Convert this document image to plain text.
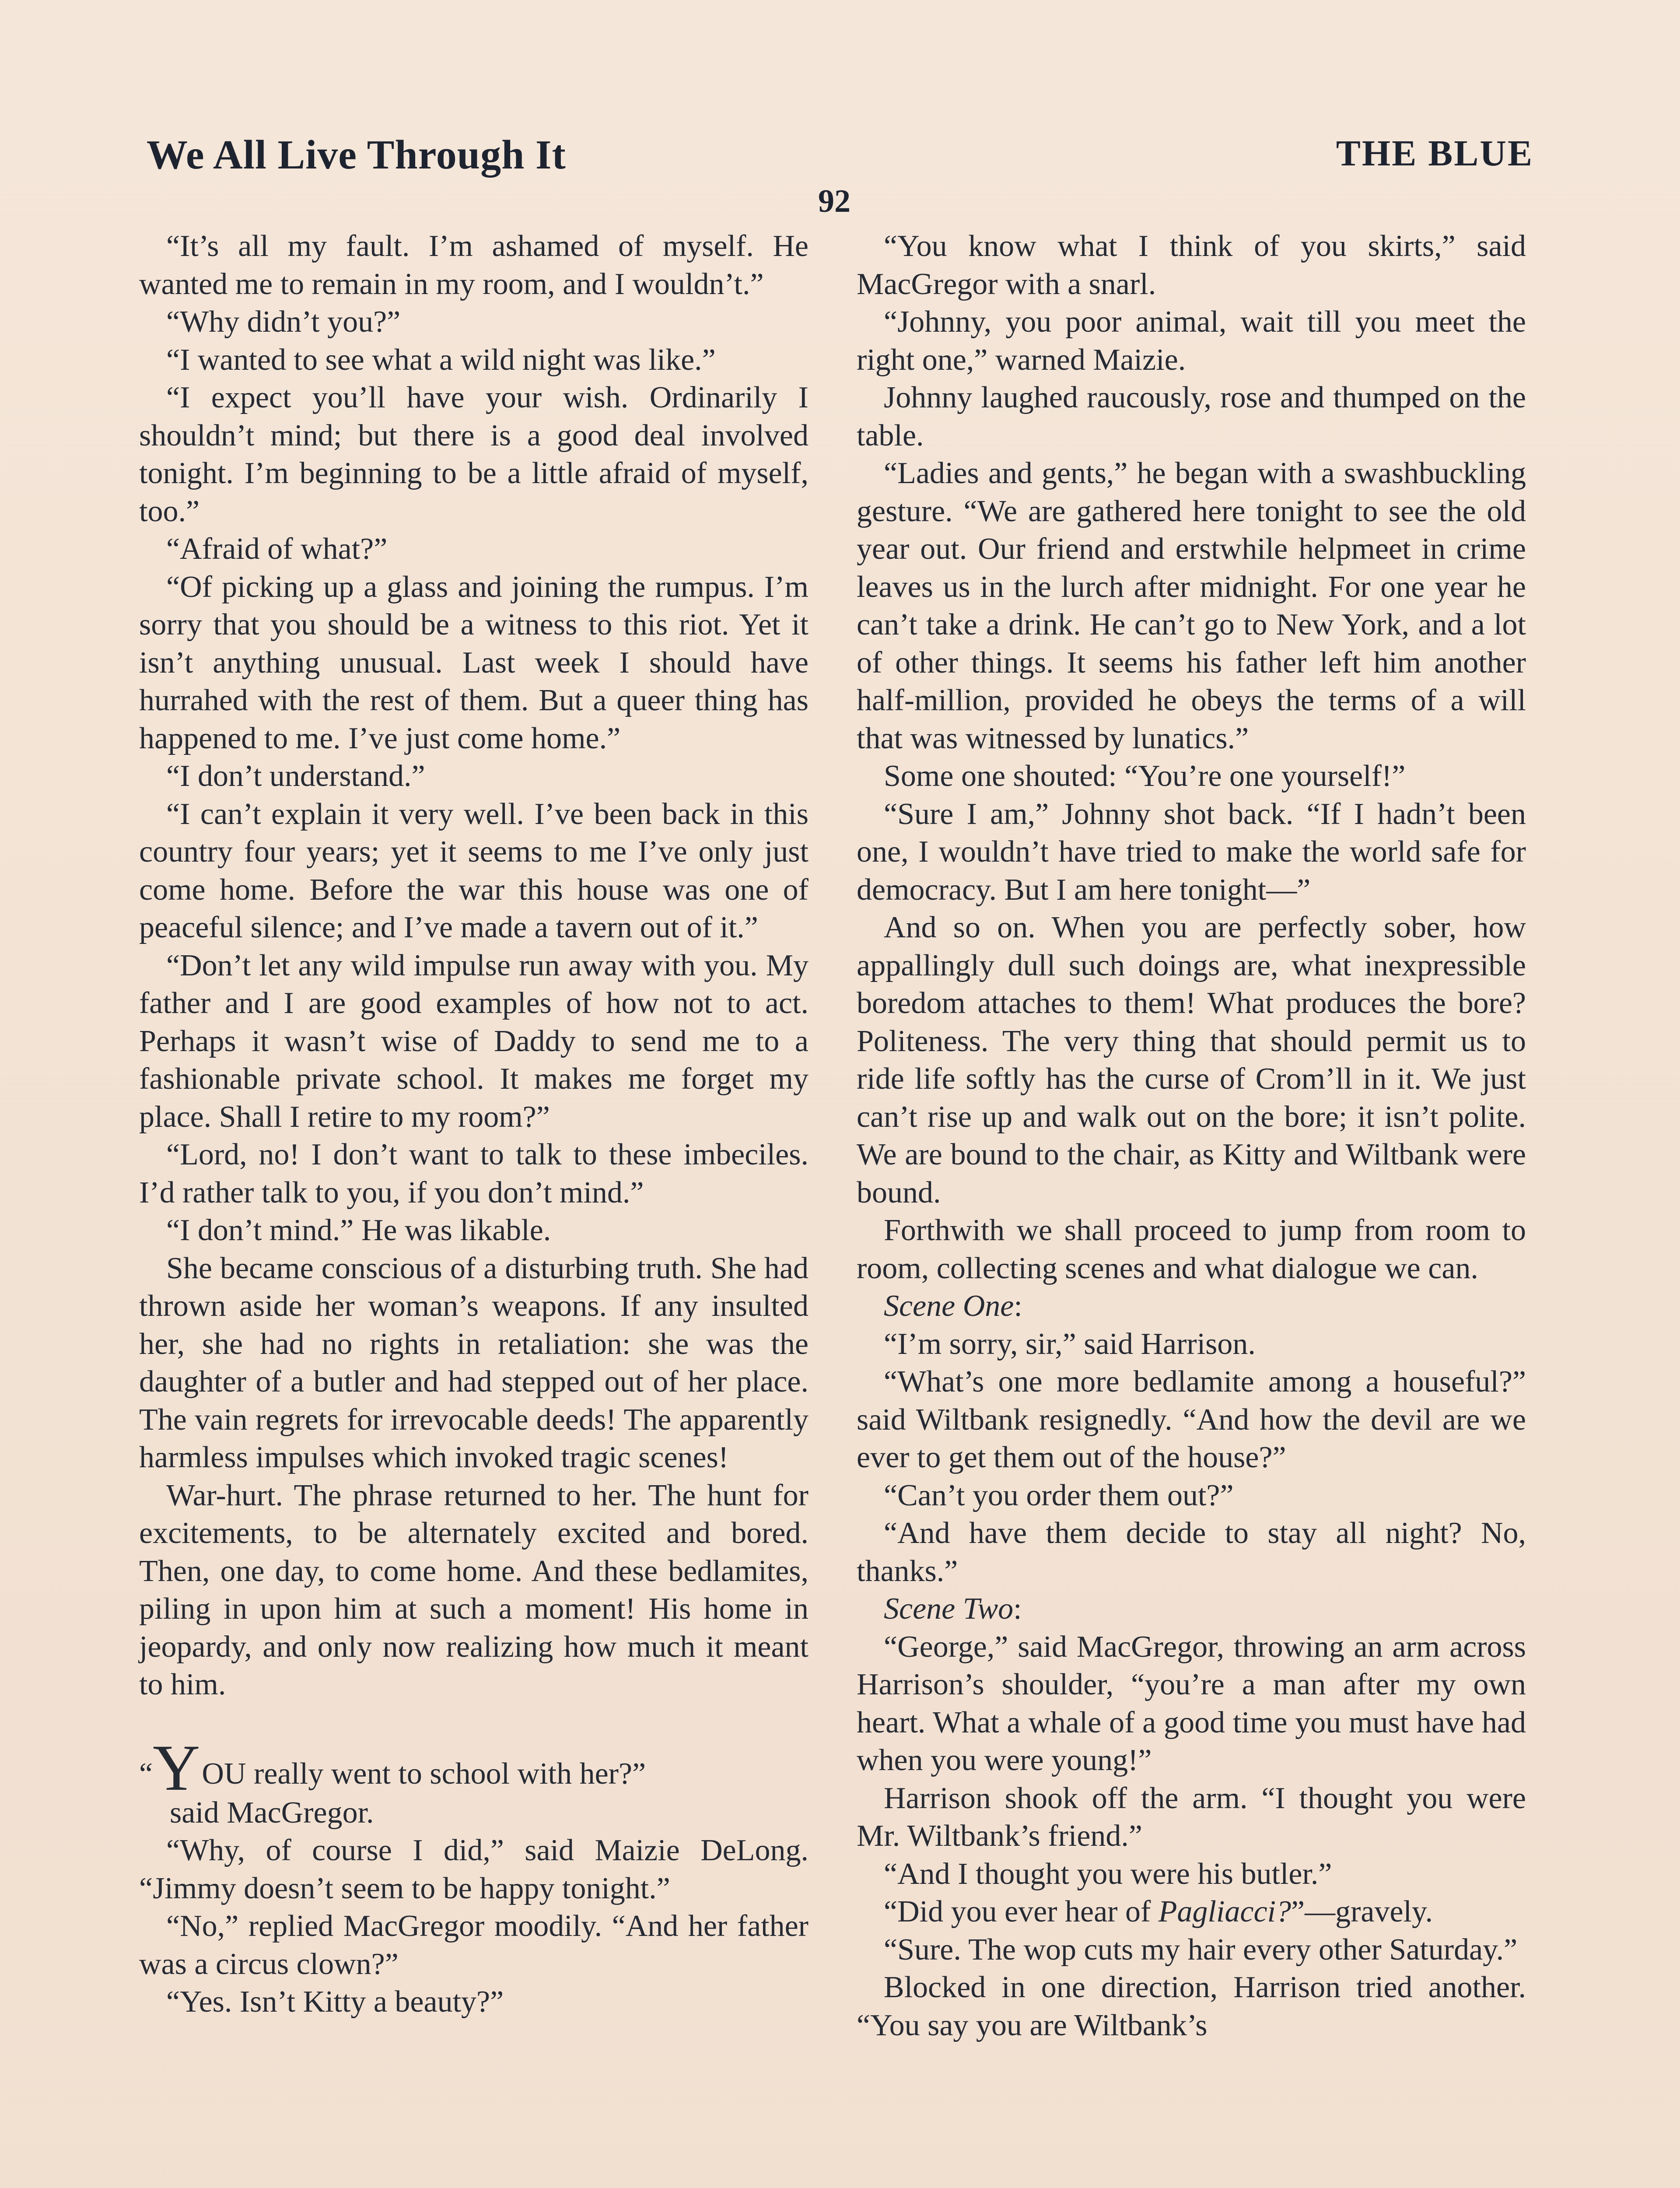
We All Live Through It	THE BLUE
92

“It’s all my fault. I’m ashamed of myself. He wanted me to remain in my room, and I wouldn’t.”

“Why didn’t you?”

“I wanted to see what a wild night was like.”

“I expect you’ll have your wish. Ordinarily I shouldn’t mind; but there is a good deal involved tonight. I’m beginning to be a little afraid of myself, too.”

“Afraid of what?”

“Of picking up a glass and joining the rumpus. I’m sorry that you should be a witness to this riot. Yet it isn’t anything unusual. Last week I should have hurrahed with the rest of them. But a queer thing has happened to me. I’ve just come home.”

“I don’t understand.”

“I can’t explain it very well. I’ve been back in this country four years; yet it seems to me I’ve only just come home. Before the war this house was one of peaceful silence; and I’ve made a tavern out of it.”

“Don’t let any wild impulse run away with you. My father and I are good examples of how not to act. Perhaps it wasn’t wise of Daddy to send me to a fashionable private school. It makes me forget my place. Shall I retire to my room?”

“Lord, no! I don’t want to talk to these imbeciles. I’d rather talk to you, if you don’t mind.”

“I don’t mind.” He was likable.

She became conscious of a disturbing truth. She had thrown aside her woman’s weapons. If any insulted her, she had no rights in retaliation: she was the daughter of a butler and had stepped out of her place. The vain regrets for irrevocable deeds! The apparently harmless impulses which invoked tragic scenes!

War-hurt. The phrase returned to her. The hunt for excitements, to be alternately excited and bored. Then, one day, to come home. And these bedlamites, piling in upon him at such a moment! His home in jeopardy, and only now realizing how much it meant to him.

“YOU really went to school with her?”
said MacGregor.

“Why, of course I did,” said Maizie DeLong. “Jimmy doesn’t seem to be happy tonight.”

“No,” replied MacGregor moodily. “And her father was a circus clown?”

“Yes. Isn’t Kitty a beauty?”

“You know what I think of you skirts,” said MacGregor with a snarl.

“Johnny, you poor animal, wait till you meet the right one,” warned Maizie.

Johnny laughed raucously, rose and thumped on the table.

“Ladies and gents,” he began with a swashbuckling gesture. “We are gathered here tonight to see the old year out. Our friend and erstwhile helpmeet in crime leaves us in the lurch after midnight. For one year he can’t take a drink. He can’t go to New York, and a lot of other things. It seems his father left him another half-million, provided he obeys the terms of a will that was witnessed by lunatics.”

Some one shouted: “You’re one yourself!”

“Sure I am,” Johnny shot back. “If I hadn’t been one, I wouldn’t have tried to make the world safe for democracy. But I am here tonight—”

And so on. When you are perfectly sober, how appallingly dull such doings are, what inexpressible boredom attaches to them! What produces the bore? Politeness. The very thing that should permit us to ride life softly has the curse of Crom’ll in it. We just can’t rise up and walk out on the bore; it isn’t polite. We are bound to the chair, as Kitty and Wiltbank were bound.

Forthwith we shall proceed to jump from room to room, collecting scenes and what dialogue we can.

Scene One:

“I’m sorry, sir,” said Harrison.

“What’s one more bedlamite among a houseful?” said Wiltbank resignedly. “And how the devil are we ever to get them out of the house?”

“Can’t you order them out?”

“And have them decide to stay all night? No, thanks.”

Scene Two:

“George,” said MacGregor, throwing an arm across Harrison’s shoulder, “you’re a man after my own heart. What a whale of a good time you must have had when you were young!”

Harrison shook off the arm. “I thought you were Mr. Wiltbank’s friend.”

“And I thought you were his butler.”

“Did you ever hear of Pagliacci?”—gravely.

“Sure. The wop cuts my hair every other Saturday.”

Blocked in one direction, Harrison tried another. “You say you are Wiltbank’s
